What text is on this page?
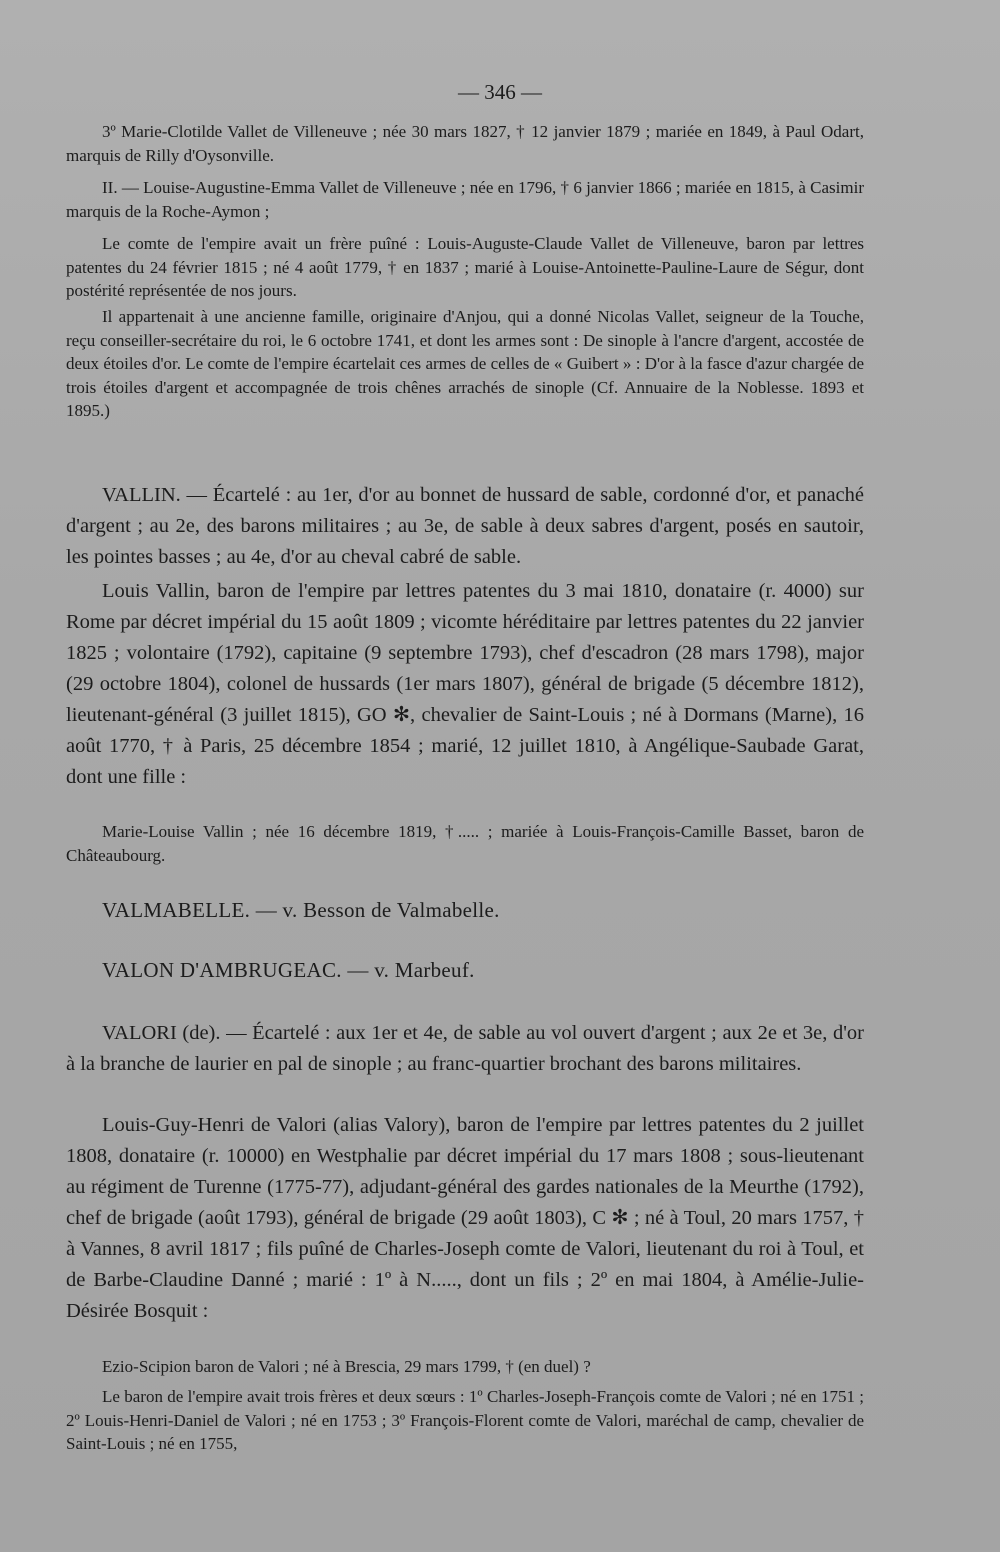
— 346 —

3º Marie-Clotilde Vallet de Villeneuve ; née 30 mars 1827, † 12 janvier 1879 ; mariée en 1849, à Paul Odart, marquis de Rilly d'Oysonville.

II. — Louise-Augustine-Emma Vallet de Villeneuve ; née en 1796, † 6 janvier 1866 ; mariée en 1815, à Casimir marquis de la Roche-Aymon ;

Le comte de l'empire avait un frère puîné : Louis-Auguste-Claude Vallet de Villeneuve, baron par lettres patentes du 24 février 1815 ; né 4 août 1779, † en 1837 ; marié à Louise-Antoinette-Pauline-Laure de Ségur, dont postérité représentée de nos jours.

Il appartenait à une ancienne famille, originaire d'Anjou, qui a donné Nicolas Vallet, seigneur de la Touche, reçu conseiller-secrétaire du roi, le 6 octobre 1741, et dont les armes sont : De sinople à l'ancre d'argent, accostée de deux étoiles d'or. Le comte de l'empire écartelait ces armes de celles de « Guibert » : D'or à la fasce d'azur chargée de trois étoiles d'argent et accompagnée de trois chênes arrachés de sinople (Cf. Annuaire de la Noblesse. 1893 et 1895.)

VALLIN. — Écartelé : au 1er, d'or au bonnet de hussard de sable, cordonné d'or, et panaché d'argent ; au 2e, des barons militaires ; au 3e, de sable à deux sabres d'argent, posés en sautoir, les pointes basses ; au 4e, d'or au cheval cabré de sable.

Louis Vallin, baron de l'empire par lettres patentes du 3 mai 1810, donataire (r. 4000) sur Rome par décret impérial du 15 août 1809 ; vicomte héréditaire par lettres patentes du 22 janvier 1825 ; volontaire (1792), capitaine (9 septembre 1793), chef d'escadron (28 mars 1798), major (29 octobre 1804), colonel de hussards (1er mars 1807), général de brigade (5 décembre 1812), lieutenant-général (3 juillet 1815), GO ✻, chevalier de Saint-Louis ; né à Dormans (Marne), 16 août 1770, † à Paris, 25 décembre 1854 ; marié, 12 juillet 1810, à Angélique-Saubade Garat, dont une fille :

Marie-Louise Vallin ; née 16 décembre 1819, †..... ; mariée à Louis-François-Camille Basset, baron de Châteaubourg.

VALMABELLE. — v. Besson de Valmabelle.

VALON D'AMBRUGEAC. — v. Marbeuf.

VALORI (de). — Écartelé : aux 1er et 4e, de sable au vol ouvert d'argent ; aux 2e et 3e, d'or à la branche de laurier en pal de sinople ; au franc-quartier brochant des barons militaires.

Louis-Guy-Henri de Valori (alias Valory), baron de l'empire par lettres patentes du 2 juillet 1808, donataire (r. 10000) en Westphalie par décret impérial du 17 mars 1808 ; sous-lieutenant au régiment de Turenne (1775-77), adjudant-général des gardes nationales de la Meurthe (1792), chef de brigade (août 1793), général de brigade (29 août 1803), C ✻ ; né à Toul, 20 mars 1757, † à Vannes, 8 avril 1817 ; fils puîné de Charles-Joseph comte de Valori, lieutenant du roi à Toul, et de Barbe-Claudine Danné ; marié : 1º à N....., dont un fils ; 2º en mai 1804, à Amélie-Julie-Désirée Bosquit :

Ezio-Scipion baron de Valori ; né à Brescia, 29 mars 1799, † (en duel) ?

Le baron de l'empire avait trois frères et deux sœurs : 1º Charles-Joseph-François comte de Valori ; né en 1751 ; 2º Louis-Henri-Daniel de Valori ; né en 1753 ; 3º François-Florent comte de Valori, maréchal de camp, chevalier de Saint-Louis ; né en 1755,
